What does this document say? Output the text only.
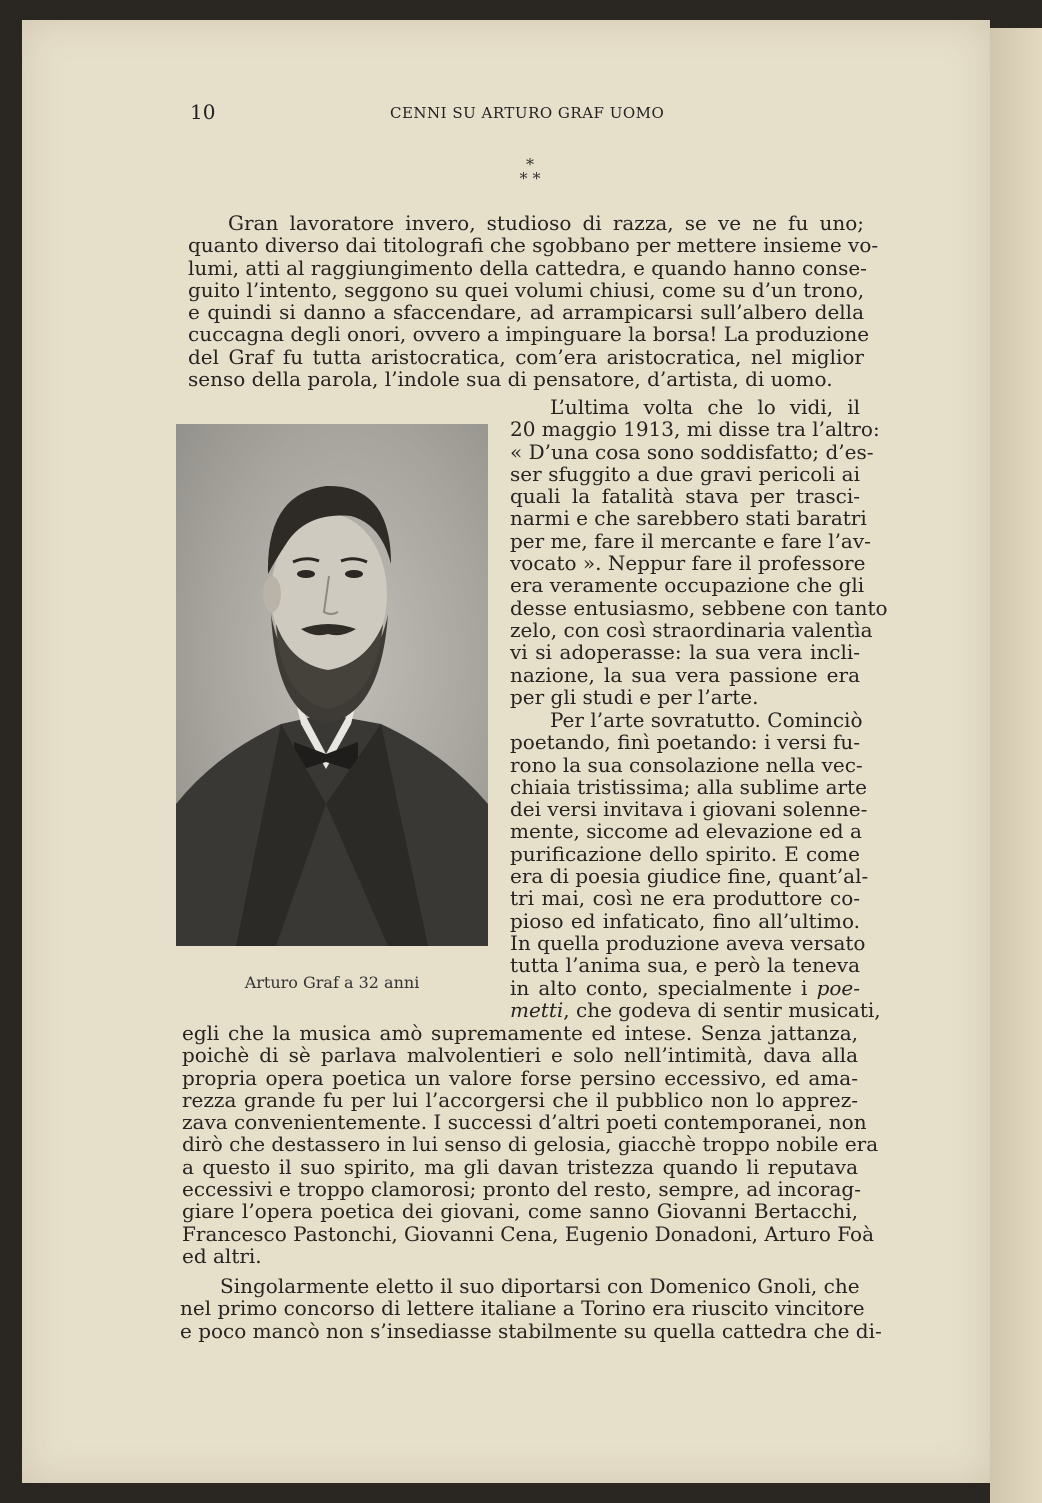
10	CENNI SU ARTURO GRAF UOMO
*
* *

Gran lavoratore invero, studioso di razza, se ve ne fu uno;
quanto diverso dai titolografi che sgobbano per mettere insieme vo-
lumi, atti al raggiungimento della cattedra, e quando hanno conse-
guito l’intento, seggono su quei volumi chiusi, come su d’un trono,
e quindi si danno a sfaccendare, ad arrampicarsi sull’albero della
cuccagna degli onori, ovvero a impinguare la borsa! La produzione
del Graf fu tutta aristocratica, com’era aristocratica, nel miglior
senso della parola, l’indole sua di pensatore, d’artista, di uomo.

L’ultima volta che lo vidi, il
20 maggio 1913, mi disse tra l’altro:
« D’una cosa sono soddisfatto; d’es-
ser sfuggito a due gravi pericoli ai
quali la fatalità stava per trasci-
narmi e che sarebbero stati baratri
per me, fare il mercante e fare l’av-
vocato ». Neppur fare il professore
era veramente occupazione che gli
desse entusiasmo, sebbene con tanto
zelo, con così straordinaria valentìa
vi si adoperasse: la sua vera incli-
nazione, la sua vera passione era
per gli studi e per l’arte.

Per l’arte sovratutto. Cominciò
poetando, finì poetando: i versi fu-
rono la sua consolazione nella vec-
chiaia tristissima; alla sublime arte
dei versi invitava i giovani solenne-
mente, siccome ad elevazione ed a
purificazione dello spirito. E come
era di poesia giudice fine, quant’al-
tri mai, così ne era produttore co-
pioso ed infaticato, fino all’ultimo.
In quella produzione aveva versato
tutta l’anima sua, e però la teneva
in alto conto, specialmente i poe-
metti, che godeva di sentir musicati,

egli che la musica amò supremamente ed intese. Senza jattanza,
poichè di sè parlava malvolentieri e solo nell’intimità, dava alla
propria opera poetica un valore forse persino eccessivo, ed ama-
rezza grande fu per lui l’accorgersi che il pubblico non lo apprez-
zava convenientemente. I successi d’altri poeti contemporanei, non
dirò che destassero in lui senso di gelosia, giacchè troppo nobile era
a questo il suo spirito, ma gli davan tristezza quando li reputava
eccessivi e troppo clamorosi; pronto del resto, sempre, ad incorag-
giare l’opera poetica dei giovani, come sanno Giovanni Bertacchi,
Francesco Pastonchi, Giovanni Cena, Eugenio Donadoni, Arturo Foà
ed altri.

Singolarmente eletto il suo diportarsi con Domenico Gnoli, che
nel primo concorso di lettere italiane a Torino era riuscito vincitore
e poco mancò non s’insediasse stabilmente su quella cattedra che di-

Arturo Graf a 32 anni
